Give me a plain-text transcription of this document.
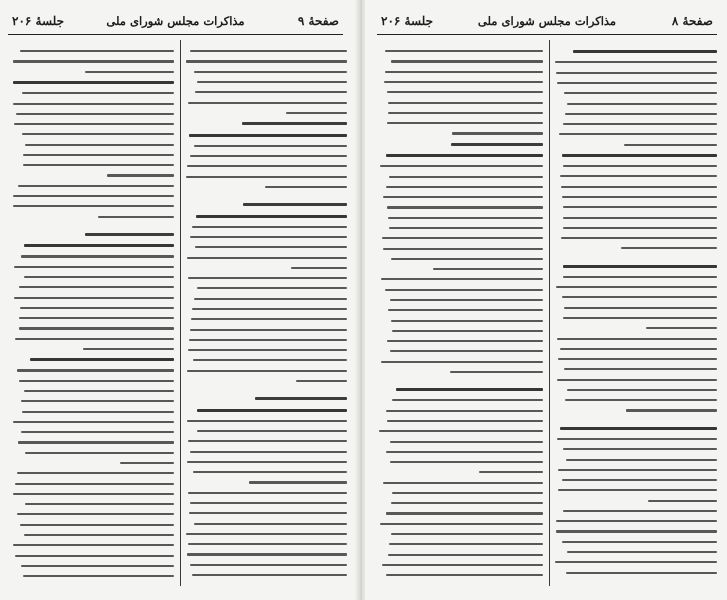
صفحهٔ ۹
مذاکرات مجلس شورای ملی
جلسهٔ ۲۰۶	صفحهٔ ۸
مذاکرات مجلس شورای ملی
جلسهٔ ۲۰۶
